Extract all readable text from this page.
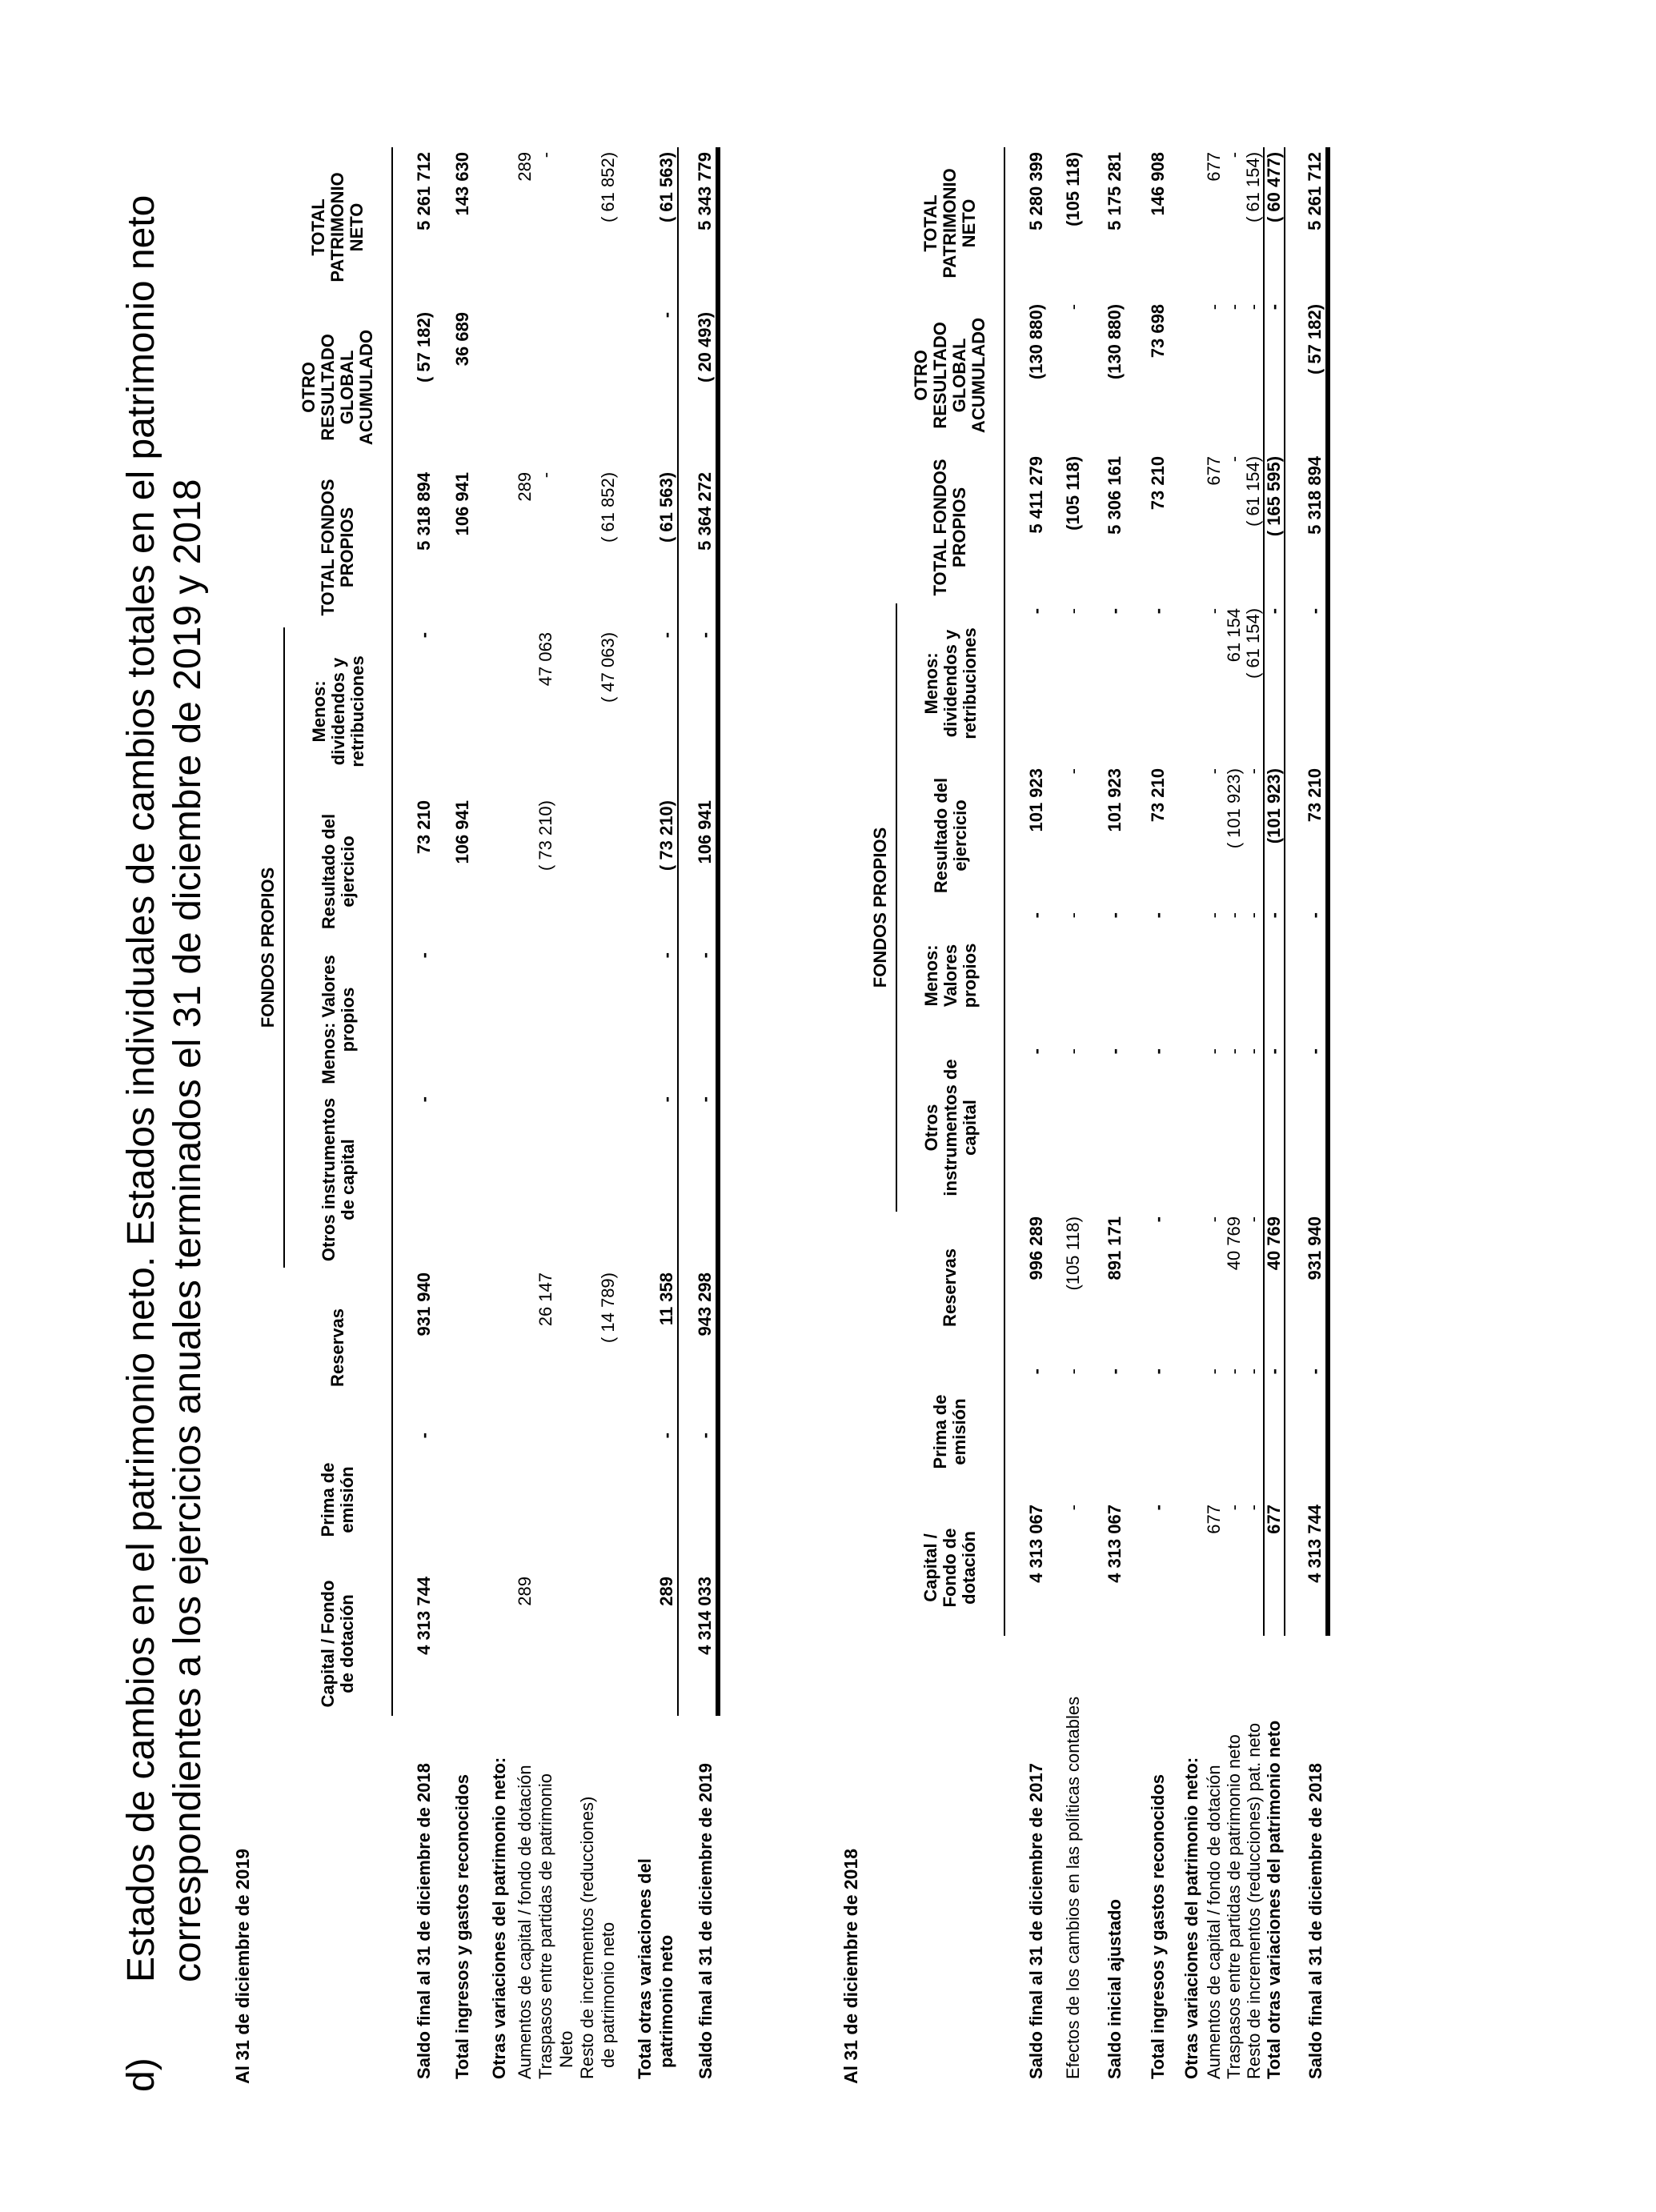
d)
Estados de cambios en el patrimonio neto. Estados individuales de cambios totales en el patrimonio neto correspondientes a los ejercicios anuales terminados el 31 de diciembre de 2019 y 2018 Al 31 de diciembre de 2019
				FONDOS PROPIOS						
	Capital / Fondo de dotación	Prima de emisión	Reservas	Otros instrumentos de capital	Menos: Valores propios	Resultado del ejercicio	Menos: dividendos y retribuciones	TOTAL FONDOS PROPIOS	OTRO RESULTADO GLOBAL ACUMULADO	TOTAL PATRIMONIO NETO

Saldo final al 31 de diciembre de 2018	4 313 744	-	931 940	-	-	73 210	-	5 318 894	( 57 182)	5 261 712
Total ingresos y gastos reconocidos						106 941		106 941	36 689	143 630
Otras variaciones del patrimonio neto:										
Aumentos de capital / fondo de dotación	289							289		289
Traspasos entre partidas de patrimonio			26 147			( 73 210)	47 063	-		-
Neto										
Resto de incrementos (reducciones)										
de patrimonio neto			( 14 789)				( 47 063)	( 61 852)		( 61 852)

Total otras variaciones del										
patrimonio neto	289	-	11 358	-	-	( 73 210)	-	( 61 563)	-	( 61 563)

Saldo final al 31 de diciembre de 2019	4 314 033	-	943 298	-	-	106 941	-	5 364 272	( 20 493)	5 343 779
Al 31 de diciembre de 2018
				FONDOS PROPIOS						
	Capital / Fondo de dotación	Prima de emisión	Reservas	Otros instrumentos de capital	Menos: Valores propios	Resultado del ejercicio	Menos: dividendos y retribuciones	TOTAL FONDOS PROPIOS	OTRO RESULTADO GLOBAL ACUMULADO	TOTAL PATRIMONIO NETO

Saldo final al 31 de diciembre de 2017	4 313 067	-	996 289	-	-	101 923	-	5 411 279	(130 880)	5 280 399
Efectos de los cambios en las políticas contables	-	-	(105 118)	-	-	-	-	(105 118)	-	(105 118)
Saldo inicial ajustado	4 313 067	-	891 171	-	-	101 923	-	5 306 161	(130 880)	5 175 281
Total ingresos y gastos reconocidos	-	-	-	-	-	73 210	-	73 210	73 698	146 908
Otras variaciones del patrimonio neto:										
Aumentos de capital / fondo de dotación	677	-	-	-	-	-	-	677	-	677
Traspasos entre partidas de patrimonio neto	-	-	40 769	-	-	( 101 923)	61 154	-	-	-
Resto de incrementos (reducciones) pat. neto	-	-	-	-	-	-	( 61 154)	( 61 154)	-	( 61 154)
Total otras variaciones del patrimonio neto	677	-	40 769	-	-	(101 923)	-	( 165 595)	-	( 60 477)

Saldo final al 31 de diciembre de 2018	4 313 744	-	931 940	-	-	73 210	-	5 318 894	( 57 182)	5 261 712
